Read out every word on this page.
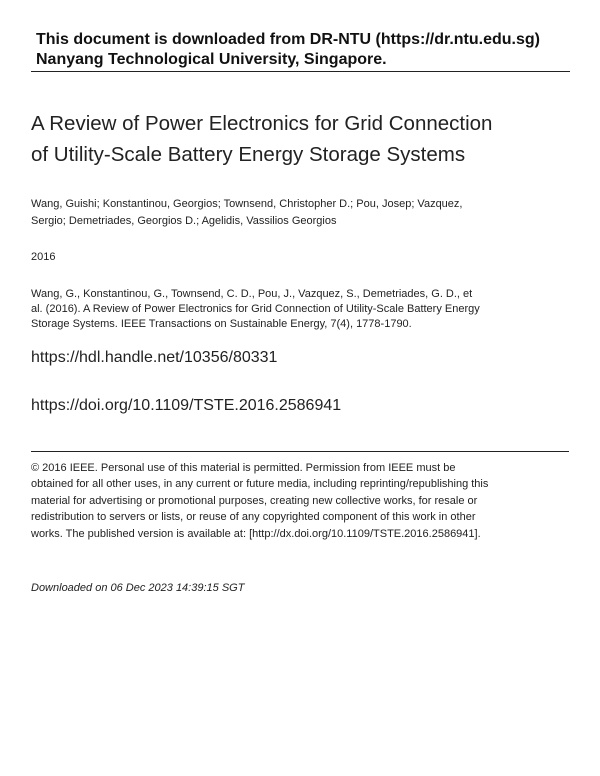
This document is downloaded from DR-NTU (https://dr.ntu.edu.sg)
Nanyang Technological University, Singapore.
A Review of Power Electronics for Grid Connection
of Utility-Scale Battery Energy Storage Systems
Wang, Guishi; Konstantinou, Georgios; Townsend, Christopher D.; Pou, Josep; Vazquez, Sergio; Demetriades, Georgios D.; Agelidis, Vassilios Georgios
2016
Wang, G., Konstantinou, G., Townsend, C. D., Pou, J., Vazquez, S., Demetriades, G. D., et al. (2016). A Review of Power Electronics for Grid Connection of Utility-Scale Battery Energy Storage Systems. IEEE Transactions on Sustainable Energy, 7(4), 1778-1790.
https://hdl.handle.net/10356/80331
https://doi.org/10.1109/TSTE.2016.2586941
© 2016 IEEE. Personal use of this material is permitted. Permission from IEEE must be obtained for all other uses, in any current or future media, including reprinting/republishing this material for advertising or promotional purposes, creating new collective works, for resale or redistribution to servers or lists, or reuse of any copyrighted component of this work in other works. The published version is available at: [http://dx.doi.org/10.1109/TSTE.2016.2586941].
Downloaded on 06 Dec 2023 14:39:15 SGT
